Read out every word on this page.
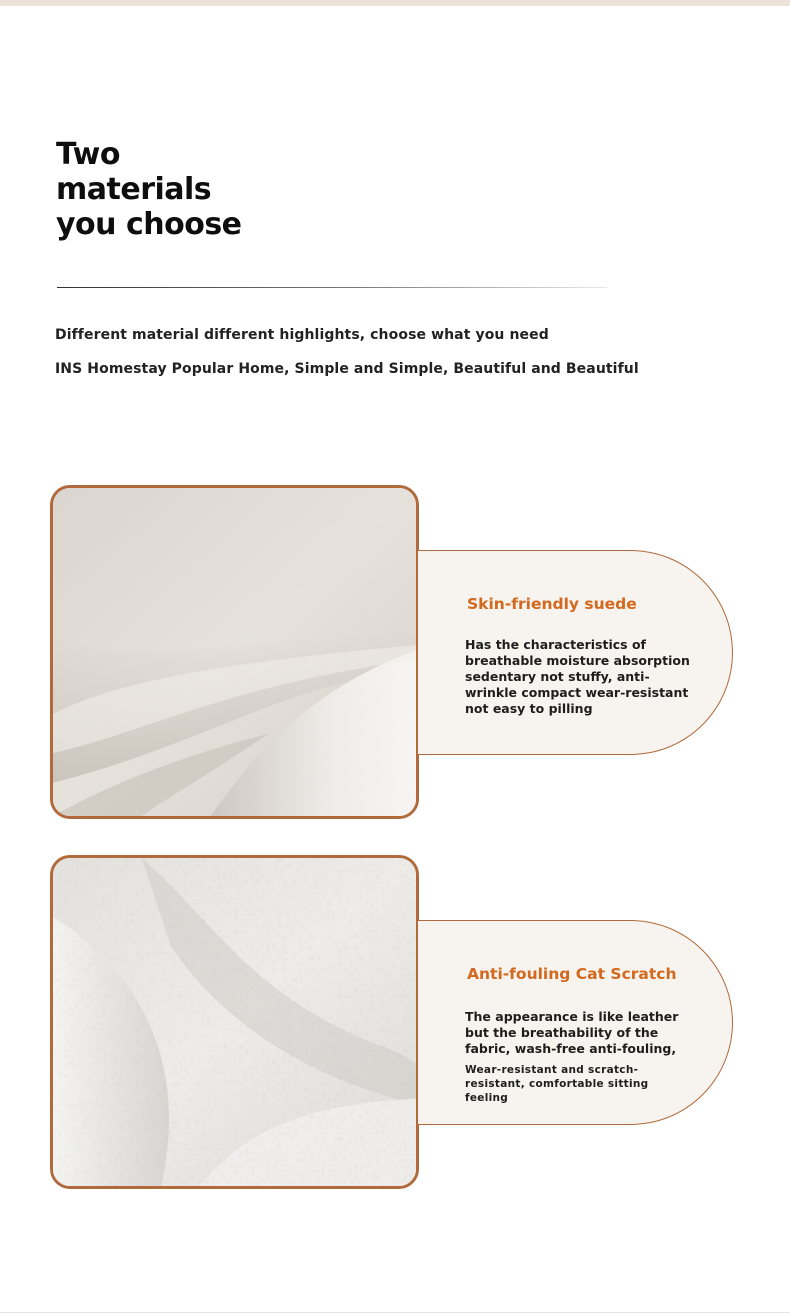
Two
materials
you choose

Different material different highlights, choose what you need

INS Homestay Popular Home, Simple and Simple, Beautiful and Beautiful

Skin-friendly suede

Has the characteristics of breathable moisture absorption sedentary not stuffy, anti-wrinkle compact wear-resistant not easy to pilling

Anti-fouling Cat Scratch

The appearance is like leather but the breathability of the fabric, wash-free anti-fouling,
Wear-resistant and scratch-resistant, comfortable sitting feeling
